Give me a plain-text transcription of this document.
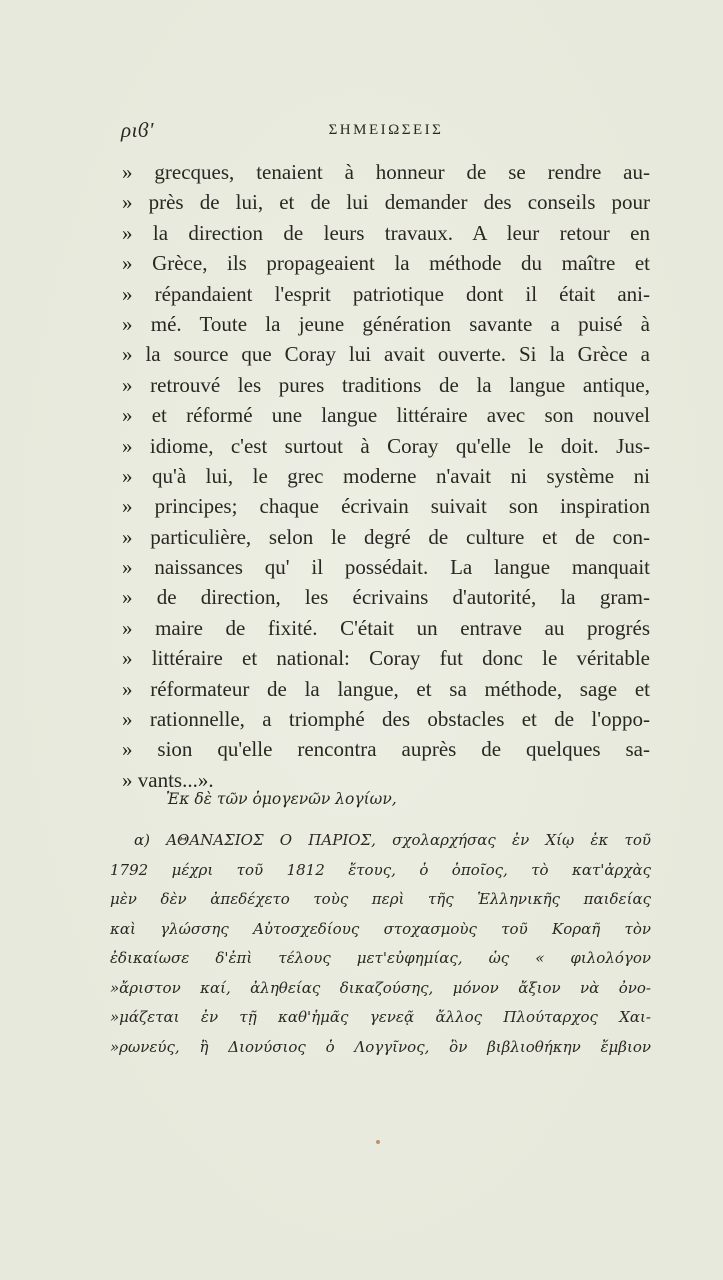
ριϐ'	ΣΗΜΕΙΩΣΕΙΣ
» grecques, tenaient à honneur de se rendre au-
» près de lui, et de lui demander des conseils pour
» la direction de leurs travaux. A leur retour en
» Grèce, ils propageaient la méthode du maître et
» répandaient l'esprit patriotique dont il était ani-
» mé. Toute la jeune génération savante a puisé à
» la source que Coray lui avait ouverte. Si la Grèce a
» retrouvé les pures traditions de la langue antique,
» et réformé une langue littéraire avec son nouvel
» idiome, c'est surtout à Coray qu'elle le doit. Jus-
» qu'à lui, le grec moderne n'avait ni système ni
» principes; chaque écrivain suivait son inspiration
» particulière, selon le degré de culture et de con-
» naissances qu' il possédait. La langue manquait
» de direction, les écrivains d'autorité, la gram-
» maire de fixité. C'était un entrave au progrés
» littéraire et national: Coray fut donc le véritable
» réformateur de la langue, et sa méthode, sage et
» rationnelle, a triomphé des obstacles et de l'oppo-
» sion qu'elle rencontra auprès de quelques sa-
» vants...».
Ἐκ δὲ τῶν ὁμογενῶν λογίων,
α) ΑΘΑΝΑΣΙΟΣ Ο ΠΑΡΙΟΣ, σχολαρχήσας ἐν Χίῳ ἐκ τοῦ
1792 μέχρι τοῦ 1812 ἔτους, ὁ ὁποῖος, τὸ κατ'ἀρχὰς
μὲν δὲν ἀπεδέχετο τοὺς περὶ τῆς Ἑλληνικῆς παιδείας
καὶ γλώσσης Αὐτοσχεδίους στοχασμοὺς τοῦ Κοραῆ τὸν
ἐδικαίωσε δ'ἐπὶ τέλους μετ'εὐφημίας, ὡς « φιλολόγον
»ἄριστον καί, ἀληθείας δικαζούσης, μόνον ἄξιον νὰ ὀνο-
»μάζεται ἐν τῇ καθ'ἡμᾶς γενεᾷ ἄλλος Πλούταρχος Χαι-
»ρωνεύς, ἢ Διονύσιος ὁ Λογγῖνος, ὃν βιβλιοθήκην ἔμβιον
